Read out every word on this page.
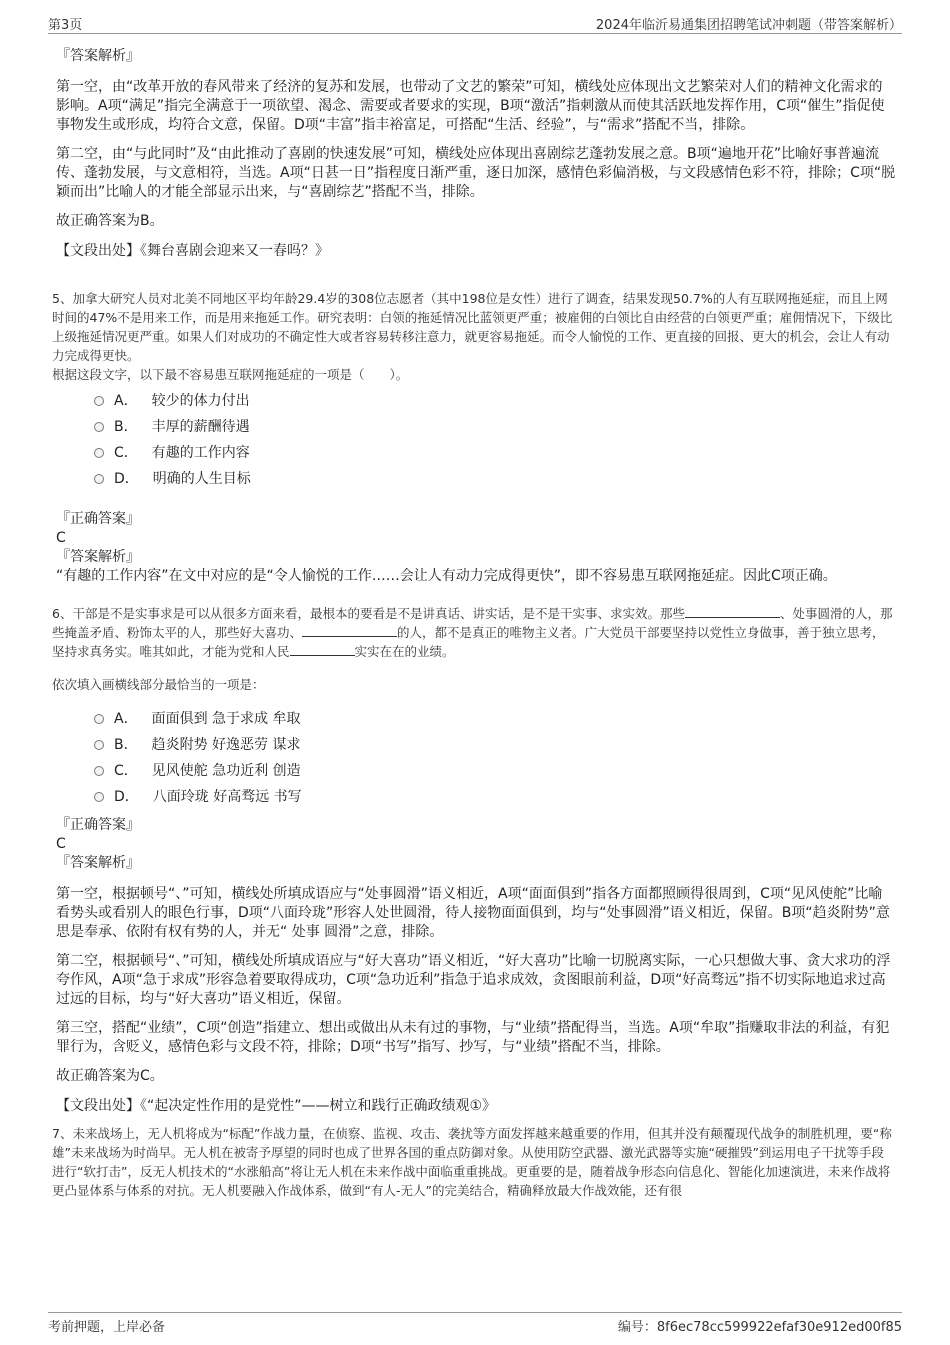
第3页	2024年临沂易通集团招聘笔试冲刺题（带答案解析）
『答案解析』

第一空，由“改革开放的春风带来了经济的复苏和发展，也带动了文艺的繁荣”可知，横线处应体现出文艺繁荣对人们的精神文化需求的影响。A项“满足”指完全满意于一项欲望、渴念、需要或者要求的实现，B项“激活”指刺激从而使其活跃地发挥作用，C项“催生”指促使事物发生或形成，均符合文意，保留。D项“丰富”指丰裕富足，可搭配“生活、经验”，与“需求”搭配不当，排除。

第二空，由“与此同时”及“由此推动了喜剧的快速发展”可知，横线处应体现出喜剧综艺蓬勃发展之意。B项“遍地开花”比喻好事普遍流传、蓬勃发展，与文意相符，当选。A项“日甚一日”指程度日渐严重，逐日加深，感情色彩偏消极，与文段感情色彩不符，排除；C项“脱颖而出”比喻人的才能全部显示出来，与“喜剧综艺”搭配不当，排除。

故正确答案为B。

【文段出处】《舞台喜剧会迎来又一春吗？》

5、加拿大研究人员对北美不同地区平均年龄29.4岁的308位志愿者（其中198位是女性）进行了调查，结果发现50.7%的人有互联网拖延症，而且上网时间的47%不是用来工作，而是用来拖延工作。研究表明：白领的拖延情况比蓝领更严重；被雇佣的白领比自由经营的白领更严重；雇佣情况下，下级比上级拖延情况更严重。如果人们对成功的不确定性大或者容易转移注意力，就更容易拖延。而令人愉悦的工作、更直接的回报、更大的机会，会让人有动力完成得更快。
根据这段文字，以下最不容易患互联网拖延症的一项是（　　）。
A． 较少的体力付出
B． 丰厚的薪酬待遇
C． 有趣的工作内容
D． 明确的人生目标
『正确答案』
C
『答案解析』

“有趣的工作内容”在文中对应的是“令人愉悦的工作……会让人有动力完成得更快”，即不容易患互联网拖延症。因此C项正确。

6、干部是不是实事求是可以从很多方面来看，最根本的要看是不是讲真话、讲实话，是不是干实事、求实效。那些	、处事圆滑的人，那些掩盖矛盾、粉饰太平的人，那些好大喜功、	的人，都不是真正的唯物主义者。广大党员干部要坚持以党性立身做事，善于独立思考，坚持求真务实。唯其如此，才能为党和人民	实实在在的业绩。
依次填入画横线部分最恰当的一项是：
A． 面面俱到 急于求成 牟取
B． 趋炎附势 好逸恶劳 谋求
C． 见风使舵 急功近利 创造
D． 八面玲珑 好高骛远 书写
『正确答案』
C
『答案解析』

第一空，根据顿号“、”可知，横线处所填成语应与“处事圆滑”语义相近，A项“面面俱到”指各方面都照顾得很周到，C项“见风使舵”比喻看势头或看别人的眼色行事，D项“八面玲珑”形容人处世圆滑，待人接物面面俱到，均与“处事圆滑”语义相近，保留。B项“趋炎附势”意思是奉承、依附有权有势的人，并无“ 处事 圆滑”之意，排除。

第二空，根据顿号“、”可知，横线处所填成语应与“好大喜功”语义相近，“好大喜功”比喻一切脱离实际，一心只想做大事、贪大求功的浮夸作风，A项“急于求成”形容急着要取得成功，C项“急功近利”指急于追求成效，贪图眼前利益，D项“好高骛远”指不切实际地追求过高过远的目标，均与“好大喜功”语义相近，保留。

第三空，搭配“业绩”，C项“创造”指建立、想出或做出从未有过的事物，与“业绩”搭配得当，当选。A项“牟取”指赚取非法的利益，有犯罪行为，含贬义，感情色彩与文段不符，排除；D项“书写”指写、抄写，与“业绩”搭配不当，排除。

故正确答案为C。

【文段出处】《“起决定性作用的是党性”——树立和践行正确政绩观①》

7、未来战场上，无人机将成为“标配”作战力量，在侦察、监视、攻击、袭扰等方面发挥越来越重要的作用，但其并没有颠覆现代战争的制胜机理，要“称雄”未来战场为时尚早。无人机在被寄予厚望的同时也成了世界各国的重点防御对象。从使用防空武器、激光武器等实施“硬摧毁”到运用电子干扰等手段进行“软打击”，反无人机技术的“水涨船高”将让无人机在未来作战中面临重重挑战。更重要的是，随着战争形态向信息化、智能化加速演进，未来作战将更凸显体系与体系的对抗。无人机要融入作战体系，做到“有人-无人”的完美结合，精确释放最大作战效能，还有很
考前押题，上岸必备	编号：8f6ec78cc599922efaf30e912ed00f85
